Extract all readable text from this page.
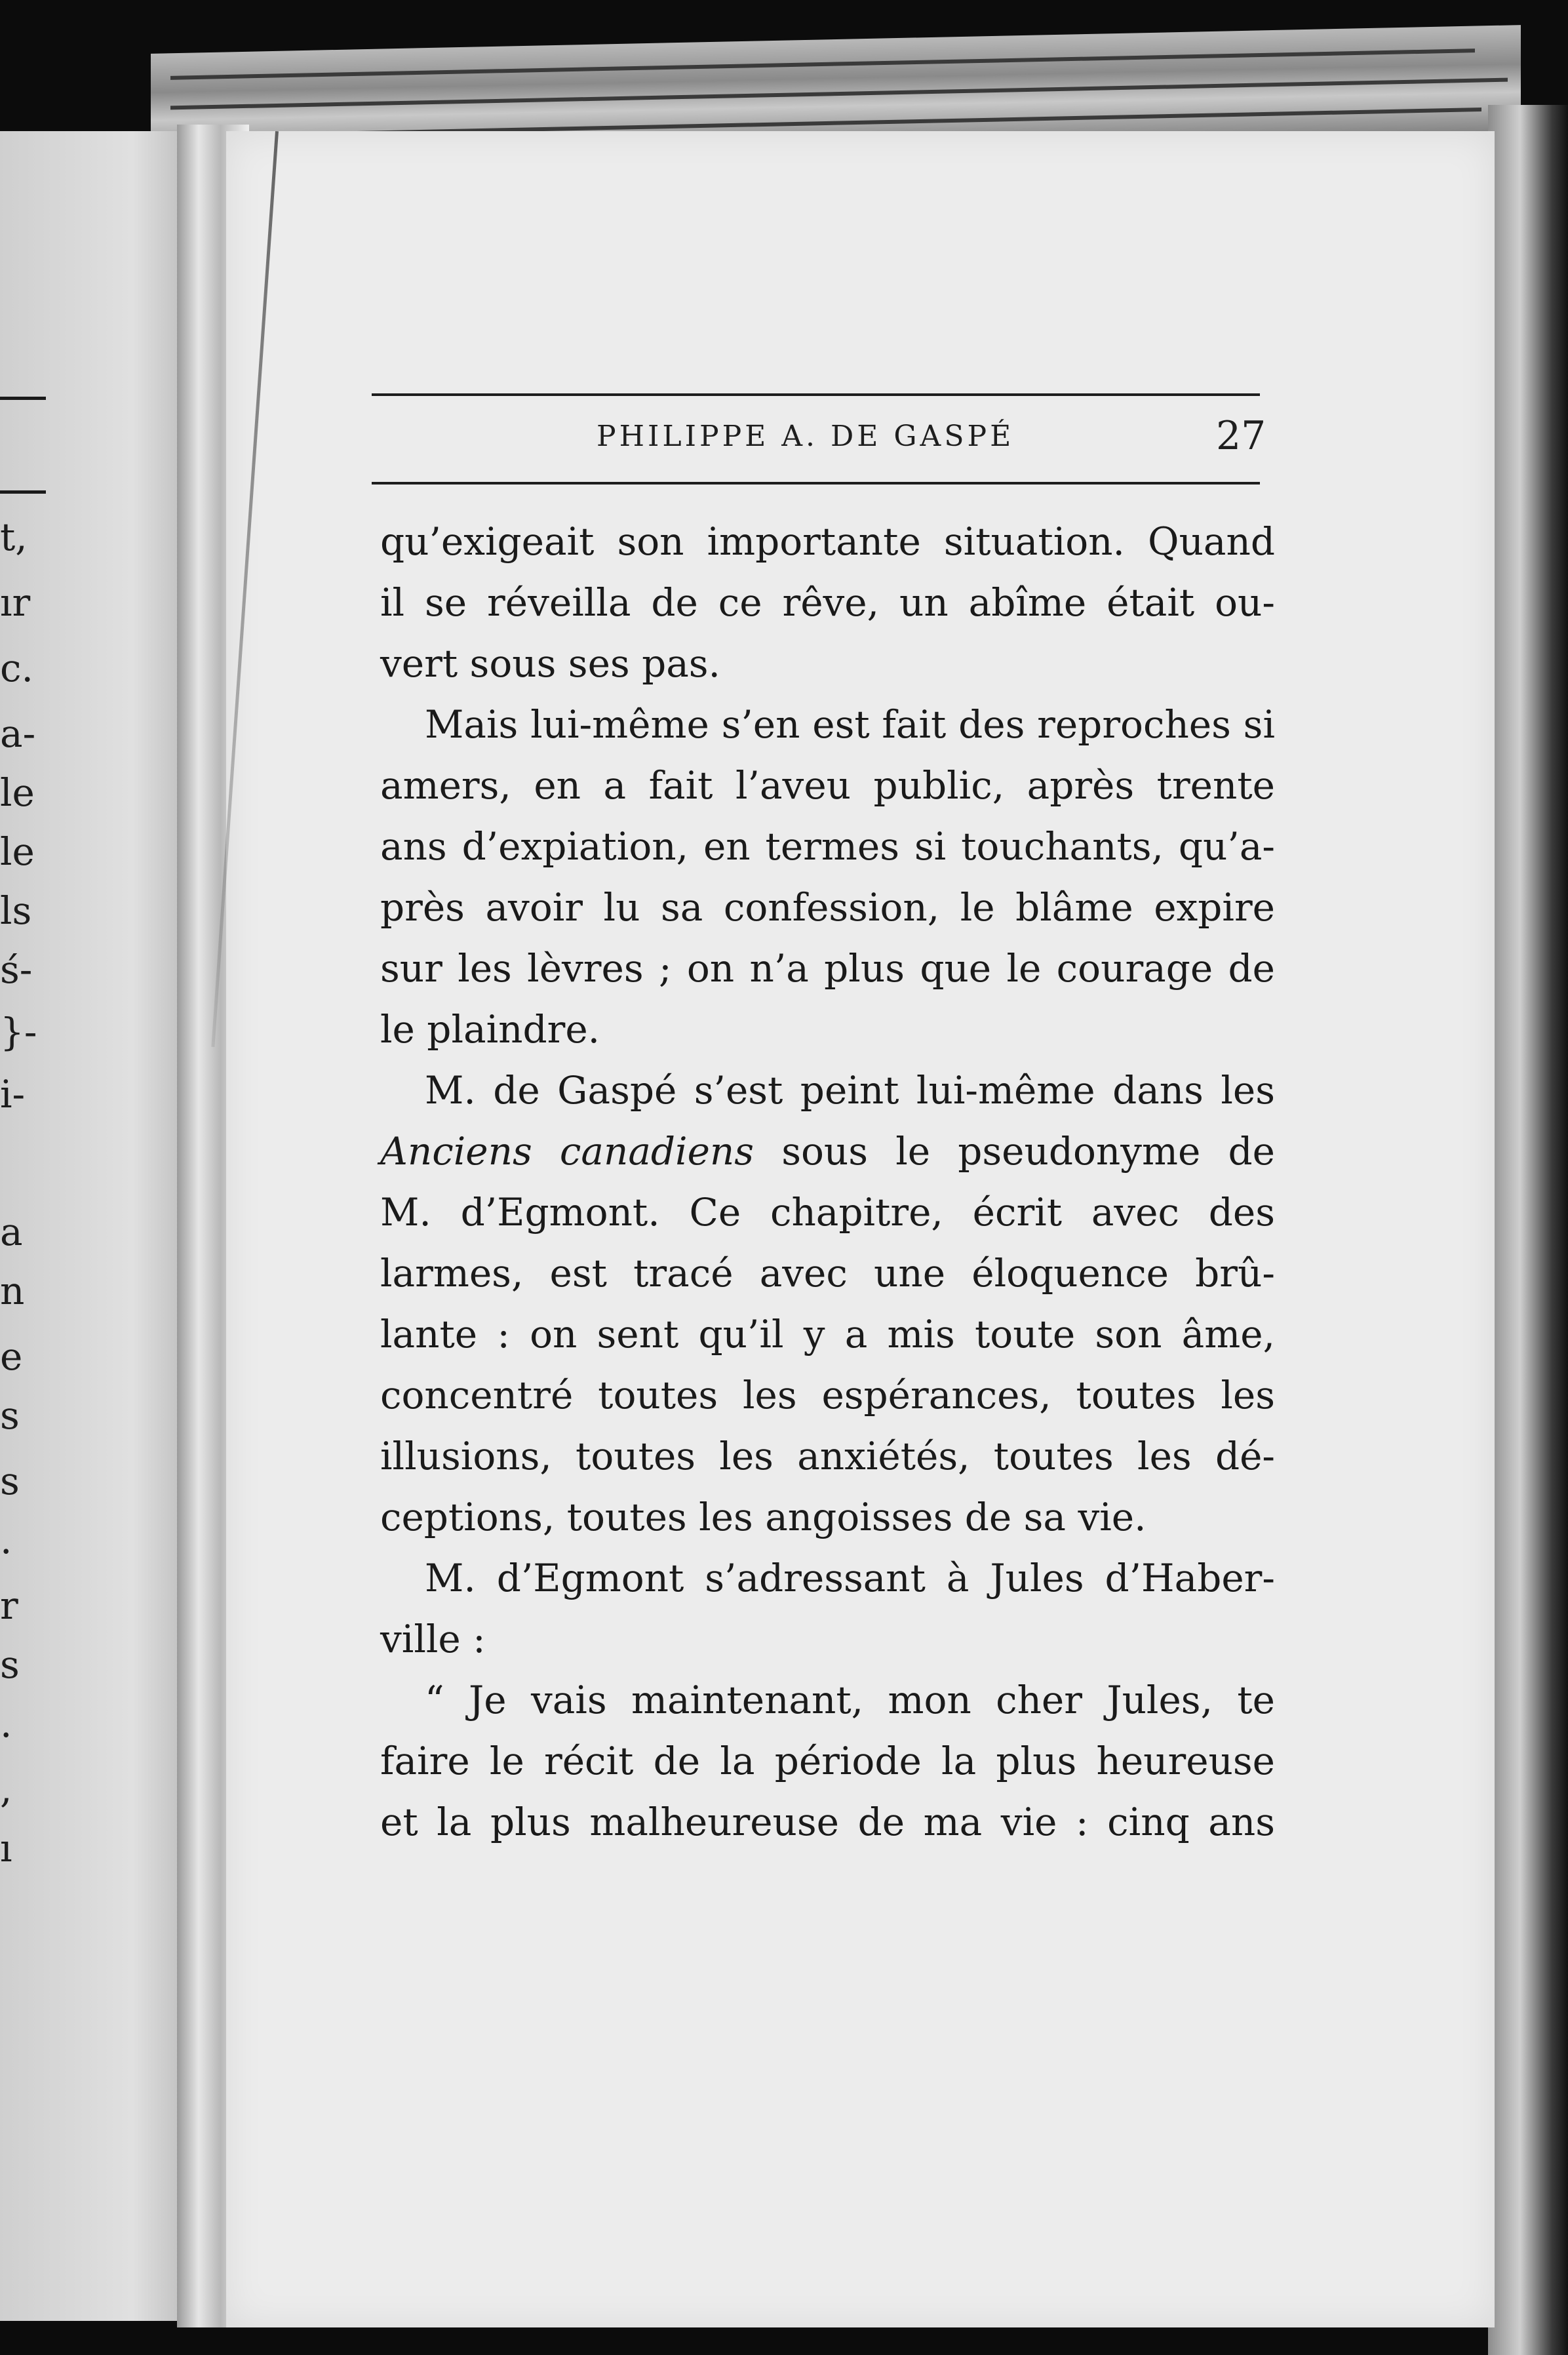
t,
ır
c.
a-
le
le
ls
ś-
}-
i-
a
n
e
s
s
.
r
s
.
,
ı
PHILIPPE A. DE GASPÉ	27
qu’exigeait son importante situation. Quand
il se réveilla de ce rêve, un abîme était ou-
vert sous ses pas.
Mais lui-même s’en est fait des reproches si
amers, en a fait l’aveu public, après trente
ans d’expiation, en termes si touchants, qu’a-
près avoir lu sa confession, le blâme expire
sur les lèvres ; on n’a plus que le courage de
le plaindre.
M. de Gaspé s’est peint lui-même dans les
Anciens canadiens sous le pseudonyme de
M. d’Egmont. Ce chapitre, écrit avec des
larmes, est tracé avec une éloquence brû-
lante : on sent qu’il y a mis toute son âme,
concentré toutes les espérances, toutes les
illusions, toutes les anxiétés, toutes les dé-
ceptions, toutes les angoisses de sa vie.
M. d’Egmont s’adressant à Jules d’Haber-
ville :
“ Je vais maintenant, mon cher Jules, te
faire le récit de la période la plus heureuse
et la plus malheureuse de ma vie : cinq ans
